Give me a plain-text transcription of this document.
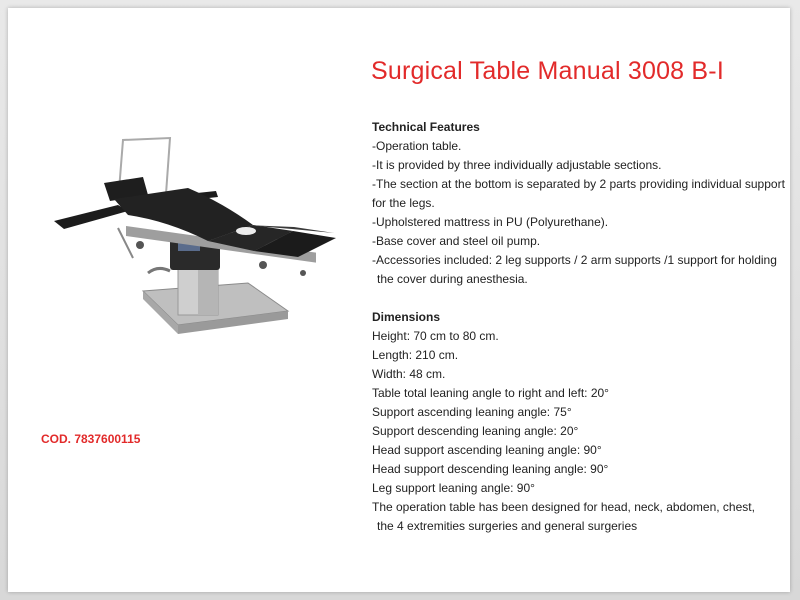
Surgical Table Manual 3008 B-I
Technical Features
-Operation table.
-It is provided by three individually adjustable sections.
-The section at the bottom is separated by 2 parts providing individual support
for the legs.
-Upholstered mattress in PU (Polyurethane).
-Base cover and steel oil pump.
-Accessories included: 2 leg supports / 2 arm supports /1 support for holding
the cover during anesthesia.
Dimensions
Height: 70 cm to 80 cm.
Length: 210 cm.
Width: 48 cm.
Table total leaning angle to right and left: 20°
Support ascending leaning angle: 75°
Support descending leaning angle: 20°
Head support ascending leaning angle: 90°
Head support descending leaning angle: 90°
Leg support leaning angle: 90°
The operation table has been designed for head, neck, abdomen, chest,
the 4 extremities surgeries and general surgeries
COD. 7837600115
